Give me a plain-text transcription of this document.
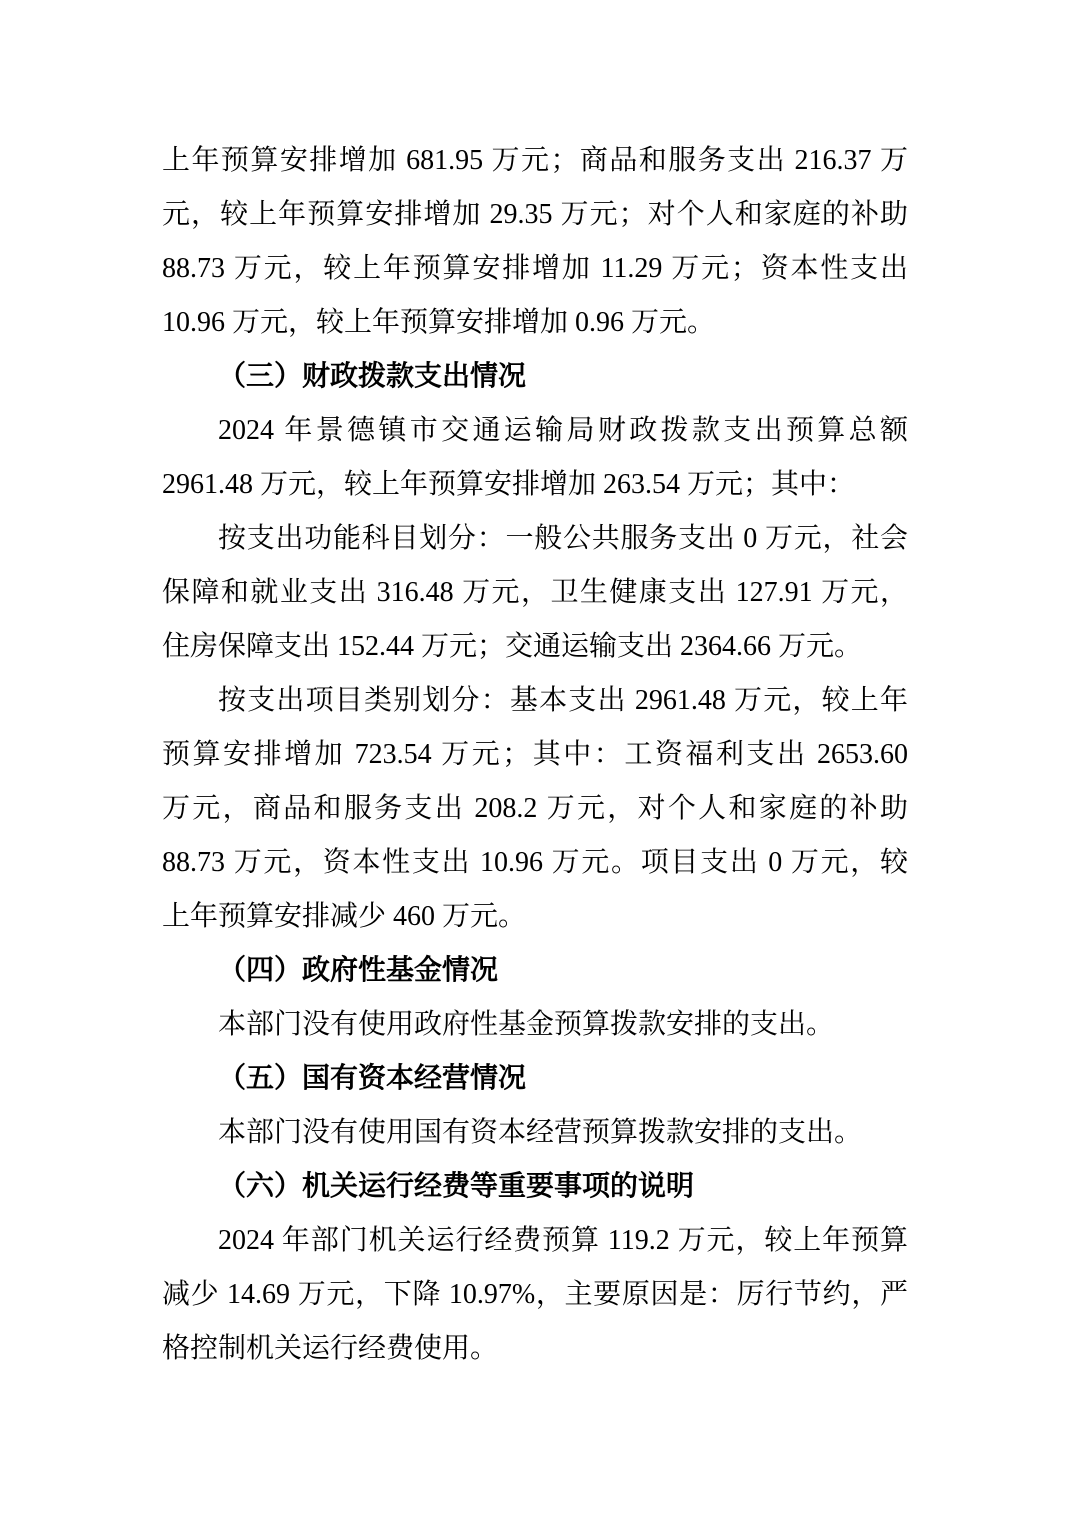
上年预算安排增加 681.95 万元；商品和服务支出 216.37 万
元，较上年预算安排增加 29.35 万元；对个人和家庭的补助
88.73 万元，较上年预算安排增加 11.29 万元；资本性支出
10.96 万元，较上年预算安排增加 0.96 万元。
（三）财政拨款支出情况
2024 年景德镇市交通运输局财政拨款支出预算总额
2961.48 万元，较上年预算安排增加 263.54 万元；其中：
按支出功能科目划分：一般公共服务支出 0 万元，社会
保障和就业支出 316.48 万元，卫生健康支出 127.91 万元，
住房保障支出 152.44 万元；交通运输支出 2364.66 万元。
按支出项目类别划分：基本支出 2961.48 万元，较上年
预算安排增加 723.54 万元；其中：工资福利支出 2653.60
万元，商品和服务支出 208.2 万元，对个人和家庭的补助
88.73 万元，资本性支出 10.96 万元。项目支出 0 万元，较
上年预算安排减少 460 万元。
（四）政府性基金情况
本部门没有使用政府性基金预算拨款安排的支出。
（五）国有资本经营情况
本部门没有使用国有资本经营预算拨款安排的支出。
（六）机关运行经费等重要事项的说明
2024 年部门机关运行经费预算 119.2 万元，较上年预算
减少 14.69 万元，下降 10.97%，主要原因是：厉行节约，严
格控制机关运行经费使用。
